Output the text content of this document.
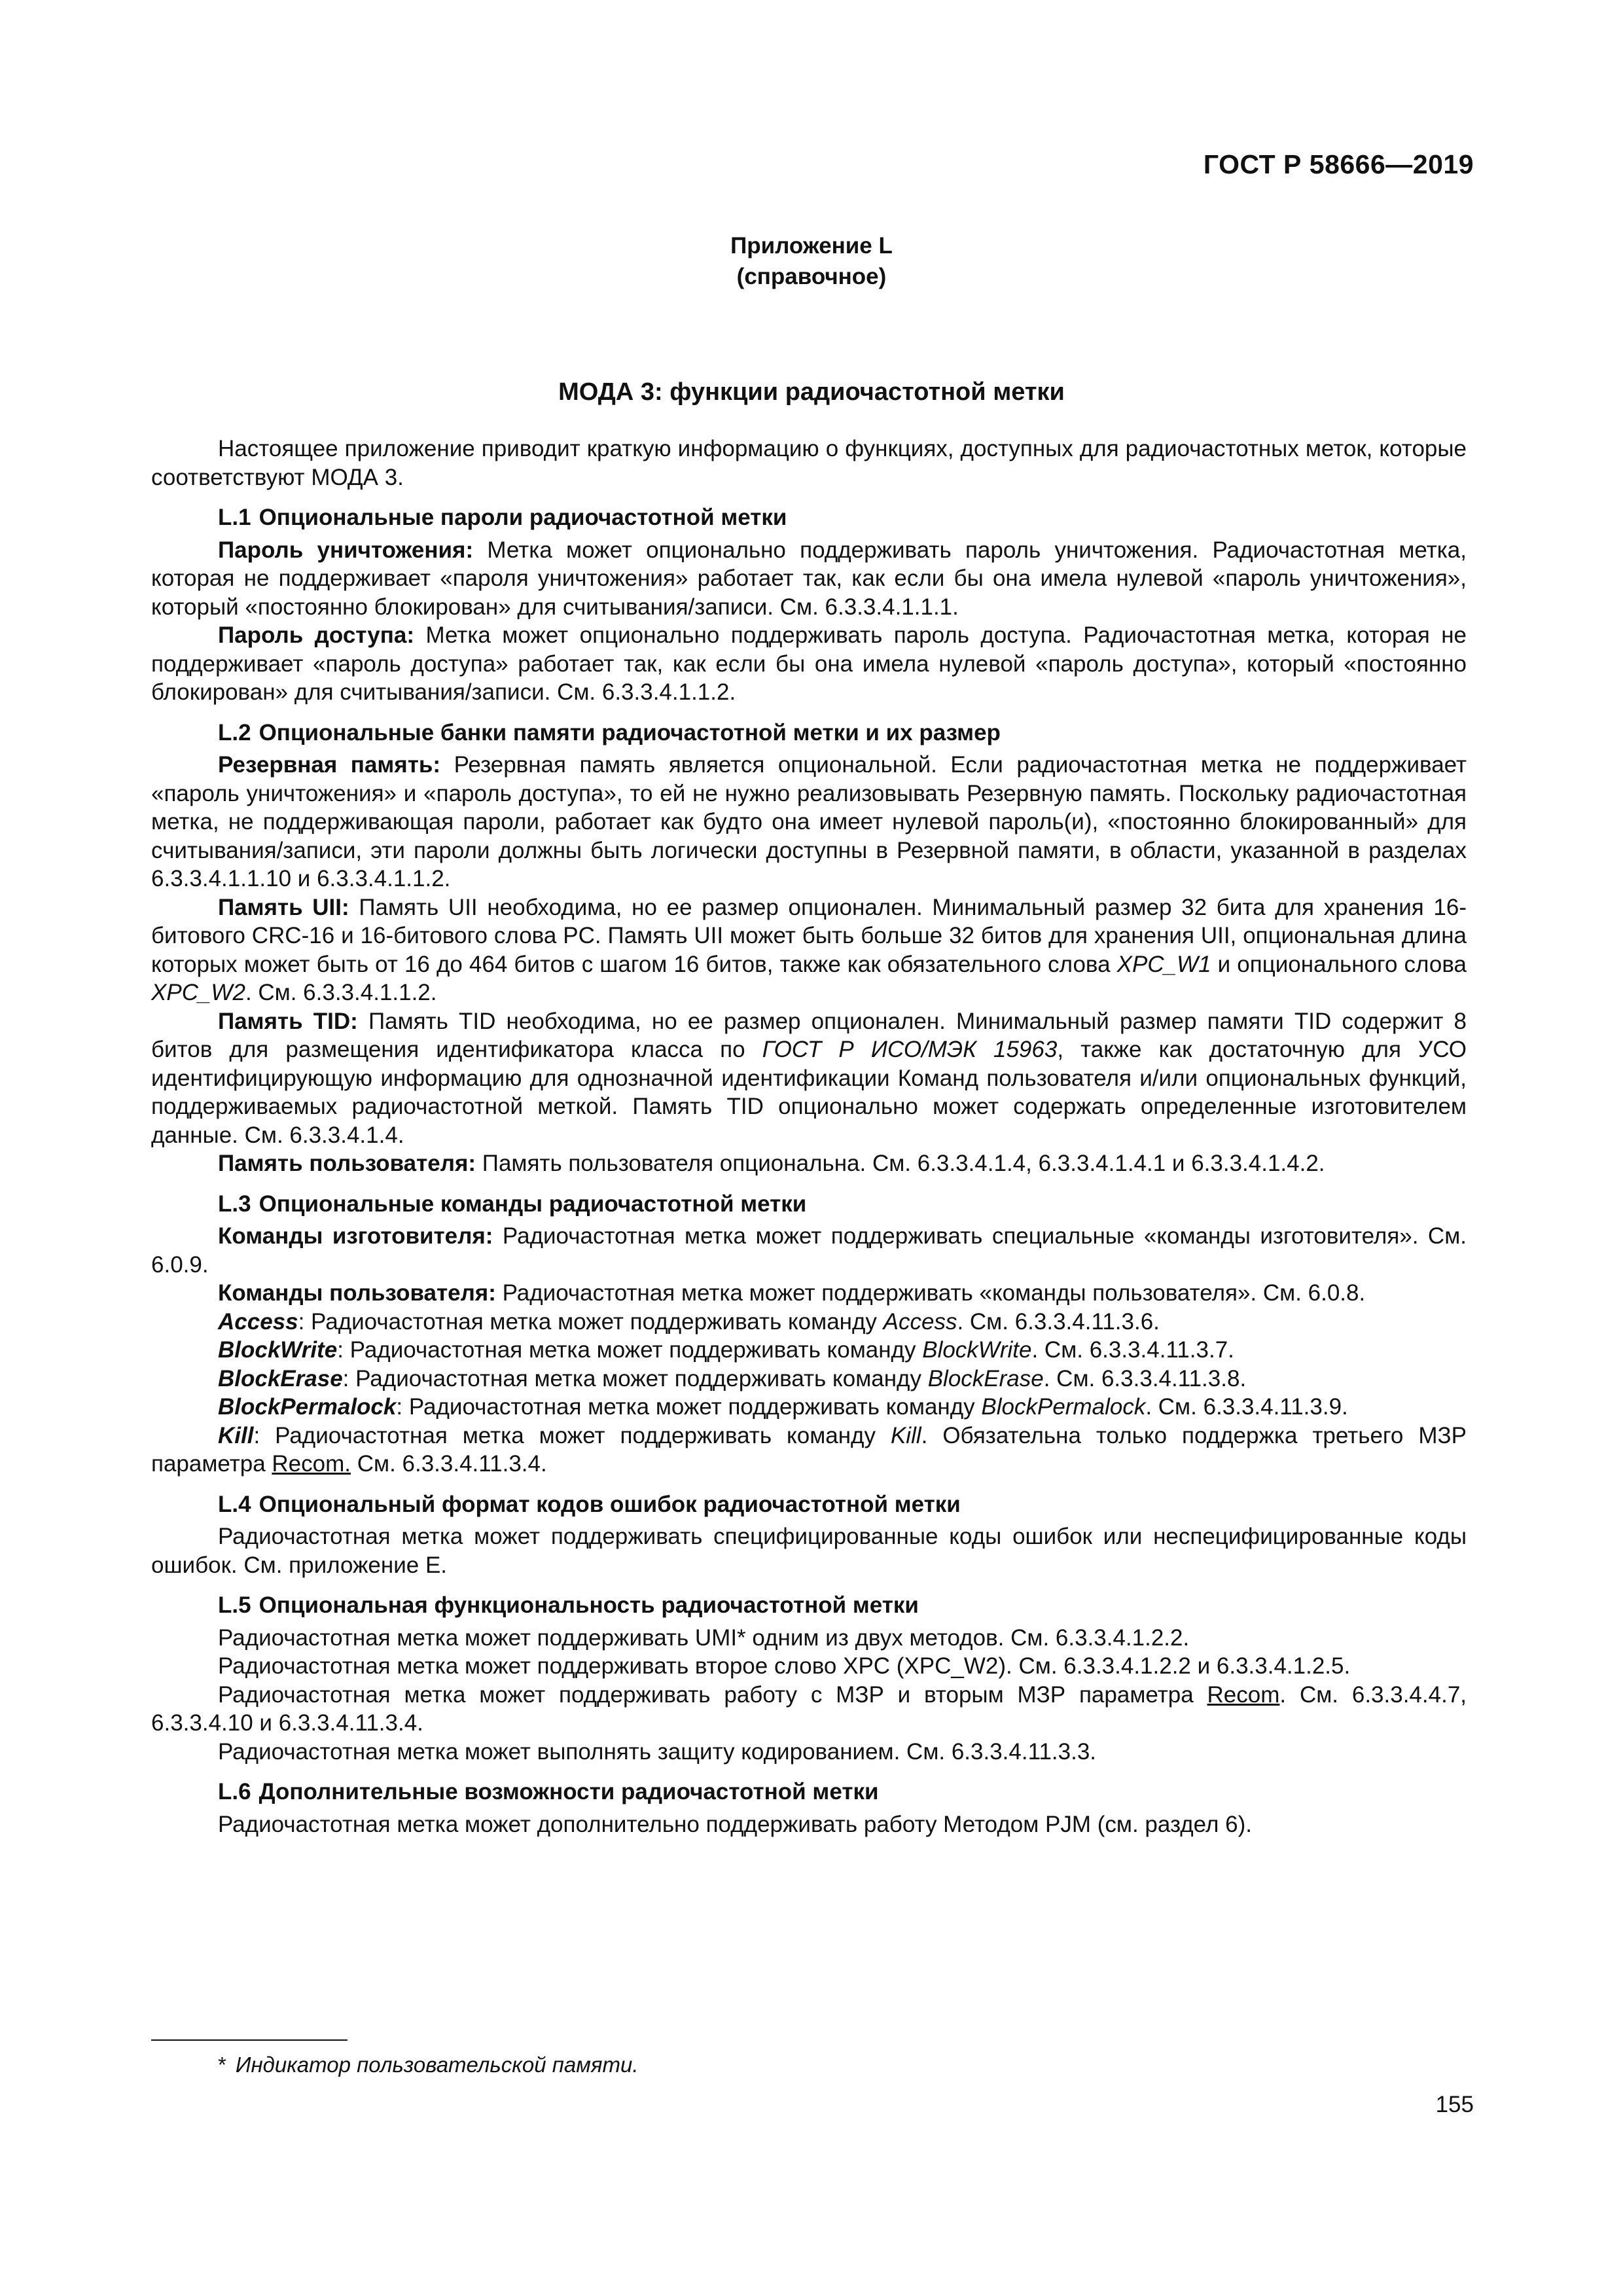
ГОСТ Р 58666—2019
Приложение L
(справочное)
МОДА 3: функции радиочастотной метки

Настоящее приложение приводит краткую информацию о функциях, доступных для радиочастотных меток, которые соответствуют МОДА 3.

L.1 Опциональные пароли радиочастотной метки

Пароль уничтожения: Метка может опционально поддерживать пароль уничтожения. Радиочастотная метка, которая не поддерживает «пароля уничтожения» работает так, как если бы она имела нулевой «пароль уничтожения», который «постоянно блокирован» для считывания/записи. См. 6.3.3.4.1.1.1.

Пароль доступа: Метка может опционально поддерживать пароль доступа. Радиочастотная метка, которая не поддерживает «пароль доступа» работает так, как если бы она имела нулевой «пароль доступа», который «постоянно блокирован» для считывания/записи. См. 6.3.3.4.1.1.2.

L.2 Опциональные банки памяти радиочастотной метки и их размер

Резервная память: Резервная память является опциональной. Если радиочастотная метка не поддерживает «пароль уничтожения» и «пароль доступа», то ей не нужно реализовывать Резервную память. Поскольку радиочастотная метка, не поддерживающая пароли, работает как будто она имеет нулевой пароль(и), «постоянно блокированный» для считывания/записи, эти пароли должны быть логически доступны в Резервной памяти, в области, указанной в разделах 6.3.3.4.1.1.10 и 6.3.3.4.1.1.2.

Память UII: Память UII необходима, но ее размер опционален. Минимальный размер 32 бита для хранения 16-битового CRC-16 и 16-битового слова PC. Память UII может быть больше 32 битов для хранения UII, опциональная длина которых может быть от 16 до 464 битов с шагом 16 битов, также как обязательного слова XPC_W1 и опционального слова XPC_W2. См. 6.3.3.4.1.1.2.

Память TID: Память TID необходима, но ее размер опционален. Минимальный размер памяти TID содержит 8 битов для размещения идентификатора класса по ГОСТ Р ИСО/МЭК 15963, также как достаточную для УСО идентифицирующую информацию для однозначной идентификации Команд пользователя и/или опциональных функций, поддерживаемых радиочастотной меткой. Память TID опционально может содержать определенные изготовителем данные. См. 6.3.3.4.1.4.

Память пользователя: Память пользователя опциональна. См. 6.3.3.4.1.4, 6.3.3.4.1.4.1 и 6.3.3.4.1.4.2.

L.3 Опциональные команды радиочастотной метки

Команды изготовителя: Радиочастотная метка может поддерживать специальные «команды изготовителя». См. 6.0.9.

Команды пользователя: Радиочастотная метка может поддерживать «команды пользователя». См. 6.0.8.

Access: Радиочастотная метка может поддерживать команду Access. См. 6.3.3.4.11.3.6.

BlockWrite: Радиочастотная метка может поддерживать команду BlockWrite. См. 6.3.3.4.11.3.7.

BlockErase: Радиочастотная метка может поддерживать команду BlockErase. См. 6.3.3.4.11.3.8.

BlockPermalock: Радиочастотная метка может поддерживать команду BlockPermalock. См. 6.3.3.4.11.3.9.

Kill: Радиочастотная метка может поддерживать команду Kill. Обязательна только поддержка третьего МЗР параметра Recom. См. 6.3.3.4.11.3.4.

L.4 Опциональный формат кодов ошибок радиочастотной метки

Радиочастотная метка может поддерживать специфицированные коды ошибок или неспецифицированные коды ошибок. См. приложение Е.

L.5 Опциональная функциональность радиочастотной метки

Радиочастотная метка может поддерживать UMI* одним из двух методов. См. 6.3.3.4.1.2.2.

Радиочастотная метка может поддерживать второе слово XPC (XPC_W2). См. 6.3.3.4.1.2.2 и 6.3.3.4.1.2.5.

Радиочастотная метка может поддерживать работу с МЗР и вторым МЗР параметра Recom. См. 6.3.3.4.4.7, 6.3.3.4.10 и 6.3.3.4.11.3.4.

Радиочастотная метка может выполнять защиту кодированием. См. 6.3.3.4.11.3.3.

L.6 Дополнительные возможности радиочастотной метки

Радиочастотная метка может дополнительно поддерживать работу Методом PJM (см. раздел 6).

* Индикатор пользовательской памяти.
155
